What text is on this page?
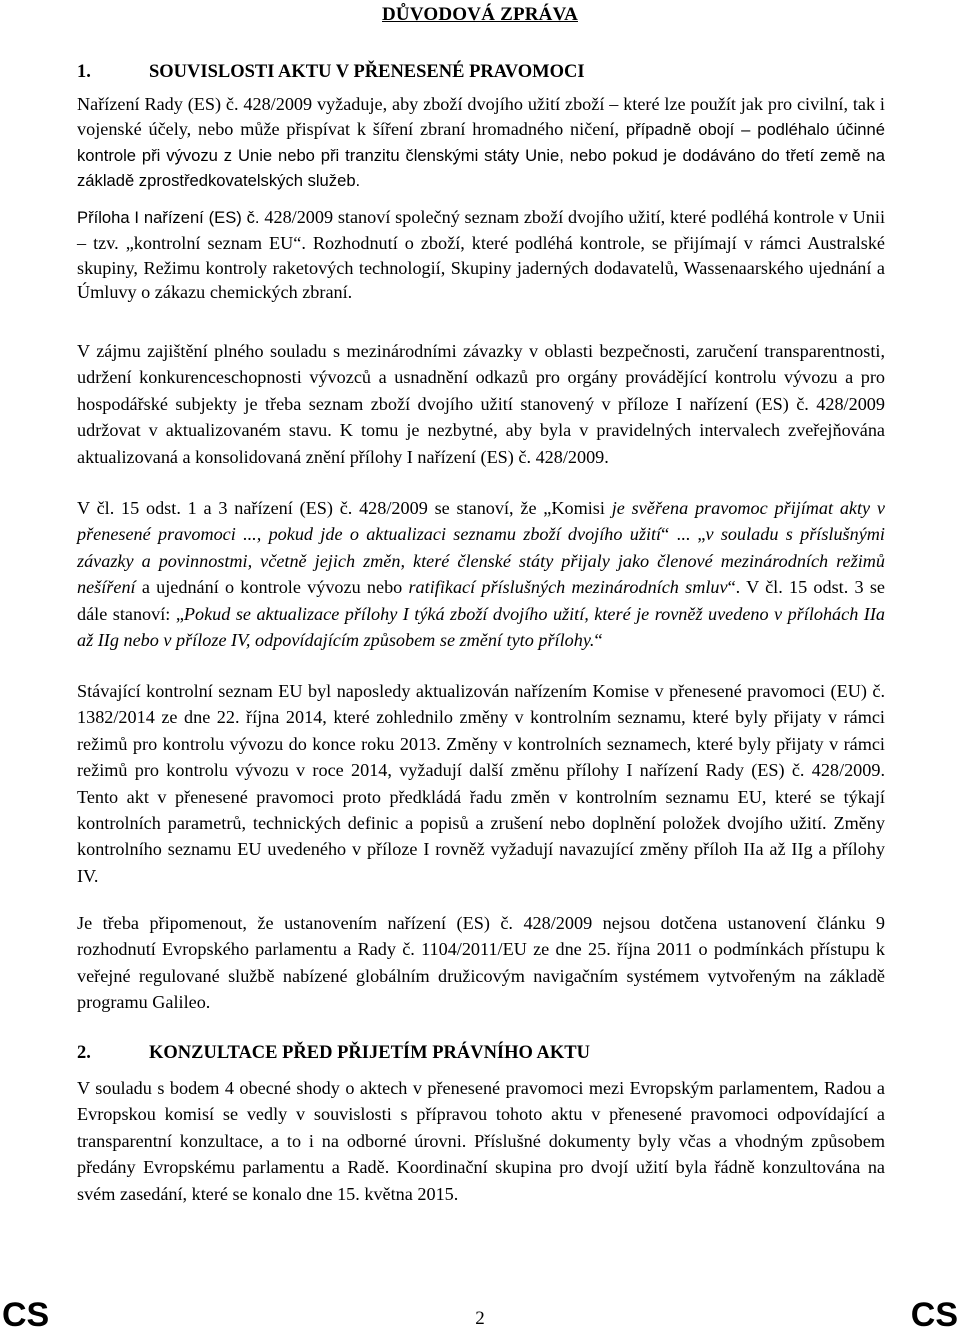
DŮVODOVÁ ZPRÁVA
1.	SOUVISLOSTI AKTU V PŘENESENÉ PRAVOMOCI
Nařízení Rady (ES) č. 428/2009 vyžaduje, aby zboží dvojího užití zboží – které lze použít jak pro civilní, tak i vojenské účely, nebo může přispívat k šíření zbraní hromadného ničení, případně obojí – podléhalo účinné kontrole při vývozu z Unie nebo při tranzitu členskými státy Unie, nebo pokud je dodáváno do třetí země na základě zprostředkovatelských služeb.
Příloha I nařízení (ES) č. 428/2009 stanoví společný seznam zboží dvojího užití, které podléhá kontrole v Unii – tzv. „kontrolní seznam EU“. Rozhodnutí o zboží, které podléhá kontrole, se přijímají v rámci Australské skupiny, Režimu kontroly raketových technologií, Skupiny jaderných dodavatelů, Wassenaarského ujednání a Úmluvy o zákazu chemických zbraní.
V zájmu zajištění plného souladu s mezinárodními závazky v oblasti bezpečnosti, zaručení transparentnosti, udržení konkurenceschopnosti vývozců a usnadnění odkazů pro orgány provádějící kontrolu vývozu a pro hospodářské subjekty je třeba seznam zboží dvojího užití stanovený v příloze I nařízení (ES) č. 428/2009 udržovat v aktualizovaném stavu. K tomu je nezbytné, aby byla v pravidelných intervalech zveřejňována aktualizovaná a konsolidovaná znění přílohy I nařízení (ES) č. 428/2009.
V čl. 15 odst. 1 a 3 nařízení (ES) č. 428/2009 se stanoví, že „Komisi je svěřena pravomoc přijímat akty v přenesené pravomoci ..., pokud jde o aktualizaci seznamu zboží dvojího užití“ ... „v souladu s příslušnými závazky a povinnostmi, včetně jejich změn, které členské státy přijaly jako členové mezinárodních režimů nešíření a ujednání o kontrole vývozu nebo ratifikací příslušných mezinárodních smluv“. V čl. 15 odst. 3 se dále stanoví: „Pokud se aktualizace přílohy I týká zboží dvojího užití, které je rovněž uvedeno v přílohách IIa až IIg nebo v příloze IV, odpovídajícím způsobem se změní tyto přílohy.“
Stávající kontrolní seznam EU byl naposledy aktualizován nařízením Komise v přenesené pravomoci (EU) č. 1382/2014 ze dne 22. října 2014, které zohlednilo změny v kontrolním seznamu, které byly přijaty v rámci režimů pro kontrolu vývozu do konce roku 2013. Změny v kontrolních seznamech, které byly přijaty v rámci režimů pro kontrolu vývozu v roce 2014, vyžadují další změnu přílohy I nařízení Rady (ES) č. 428/2009. Tento akt v přenesené pravomoci proto předkládá řadu změn v kontrolním seznamu EU, které se týkají kontrolních parametrů, technických definic a popisů a zrušení nebo doplnění položek dvojího užití. Změny kontrolního seznamu EU uvedeného v příloze I rovněž vyžadují navazující změny příloh IIa až IIg a přílohy IV.
Je třeba připomenout, že ustanovením nařízení (ES) č. 428/2009 nejsou dotčena ustanovení článku 9 rozhodnutí Evropského parlamentu a Rady č. 1104/2011/EU ze dne 25. října 2011 o podmínkách přístupu k veřejné regulované službě nabízené globálním družicovým navigačním systémem vytvořeným na základě programu Galileo.
2.	KONZULTACE PŘED PŘIJETÍM PRÁVNÍHO AKTU
V souladu s bodem 4 obecné shody o aktech v přenesené pravomoci mezi Evropským parlamentem, Radou a Evropskou komisí se vedly v souvislosti s přípravou tohoto aktu v přenesené pravomoci odpovídající a transparentní konzultace, a to i na odborné úrovni. Příslušné dokumenty byly včas a vhodným způsobem předány Evropskému parlamentu a Radě. Koordinační skupina pro dvojí užití byla řádně konzultována na svém zasedání, které se konalo dne 15. května 2015.
CS	2	CS
